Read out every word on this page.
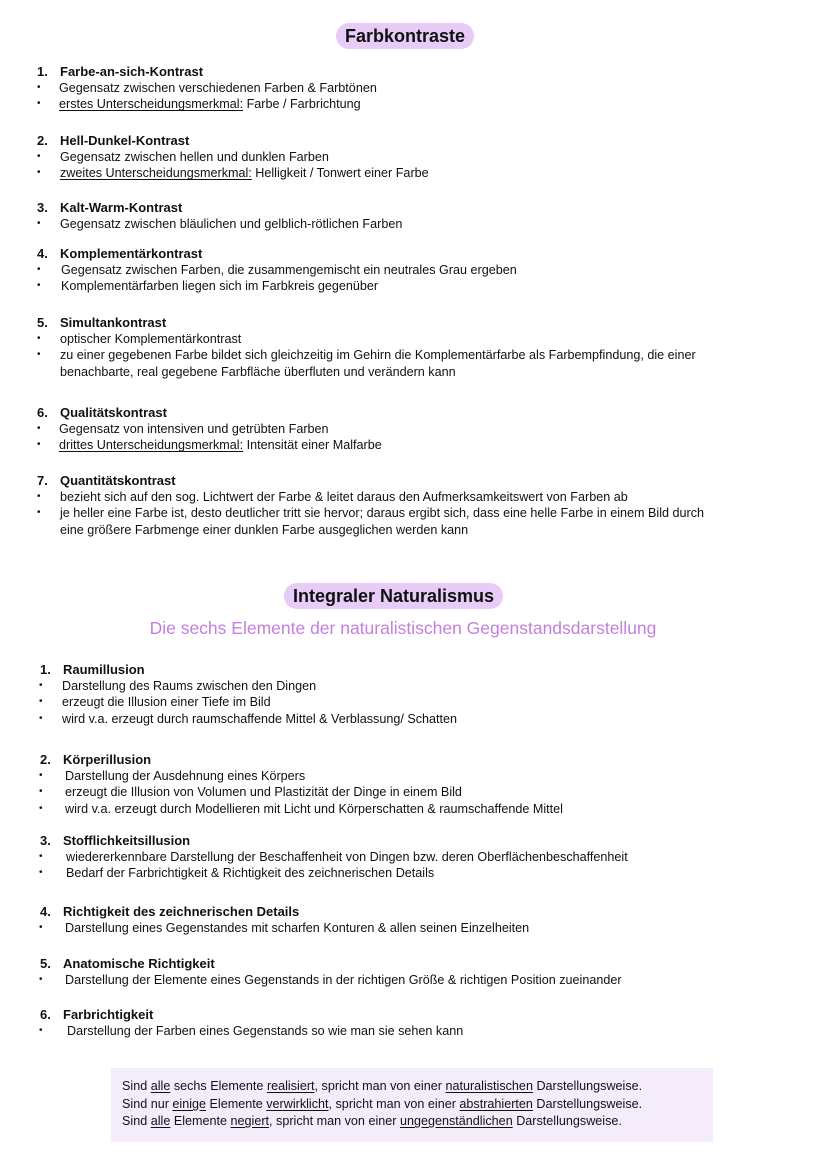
Farbkontraste
1. Farbe-an-sich-Kontrast
• Gegensatz zwischen verschiedenen Farben & Farbtönen
• erstes Unterscheidungsmerkmal: Farbe / Farbrichtung
2. Hell-Dunkel-Kontrast
• Gegensatz zwischen hellen und dunklen Farben
• zweites Unterscheidungsmerkmal: Helligkeit / Tonwert einer Farbe
3. Kalt-Warm-Kontrast
• Gegensatz zwischen bläulichen und gelblich-rötlichen Farben
4. Komplementärkontrast
• Gegensatz zwischen Farben, die zusammengemischt ein neutrales Grau ergeben
• Komplementärfarben liegen sich im Farbkreis gegenüber
5. Simultankontrast
• optischer Komplementärkontrast
• zu einer gegebenen Farbe bildet sich gleichzeitig im Gehirn die Komplementärfarbe als Farbempfindung, die einer
benachbarte, real gegebene Farbfläche überfluten und verändern kann
6. Qualitätskontrast
• Gegensatz von intensiven und getrübten Farben
• drittes Unterscheidungsmerkmal: Intensität einer Malfarbe
7. Quantitätskontrast
• bezieht sich auf den sog. Lichtwert der Farbe & leitet daraus den Aufmerksamkeitswert von Farben ab
• je heller eine Farbe ist, desto deutlicher tritt sie hervor; daraus ergibt sich, dass eine helle Farbe in einem Bild durch
eine größere Farbmenge einer dunklen Farbe ausgeglichen werden kann
Integraler Naturalismus
Die sechs Elemente der naturalistischen Gegenstandsdarstellung
1. Raumillusion
• Darstellung des Raums zwischen den Dingen
• erzeugt die Illusion einer Tiefe im Bild
• wird v.a. erzeugt durch raumschaffende Mittel & Verblassung/ Schatten
2. Körperillusion
• Darstellung der Ausdehnung eines Körpers
• erzeugt die Illusion von Volumen und Plastizität der Dinge in einem Bild
• wird v.a. erzeugt durch Modellieren mit Licht und Körperschatten & raumschaffende Mittel
3. Stofflichkeitsillusion
• wiedererkennbare Darstellung der Beschaffenheit von Dingen bzw. deren Oberflächenbeschaffenheit
• Bedarf der Farbrichtigkeit & Richtigkeit des zeichnerischen Details
4. Richtigkeit des zeichnerischen Details
• Darstellung eines Gegenstandes mit scharfen Konturen & allen seinen Einzelheiten
5. Anatomische Richtigkeit
• Darstellung der Elemente eines Gegenstands in der richtigen Größe & richtigen Position zueinander
6. Farbrichtigkeit
• Darstellung der Farben eines Gegenstands so wie man sie sehen kann
Sind alle sechs Elemente realisiert, spricht man von einer naturalistischen Darstellungsweise.
Sind nur einige Elemente verwirklicht, spricht man von einer abstrahierten Darstellungsweise.
Sind alle Elemente negiert, spricht man von einer ungegenständlichen Darstellungsweise.
